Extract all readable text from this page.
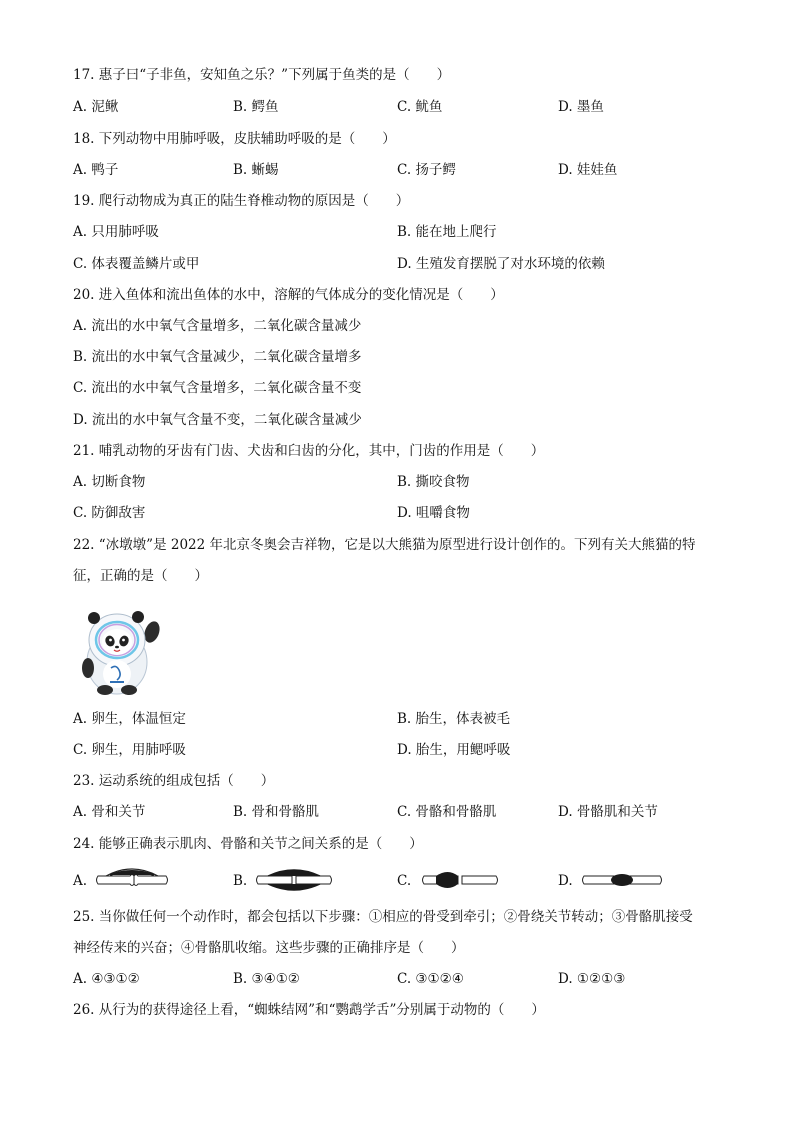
17. 惠子曰“子非鱼，安知鱼之乐？”下列属于鱼类的是（　　）
A. 泥鳅	B. 鳄鱼	C. 鱿鱼	D. 墨鱼
18. 下列动物中用肺呼吸，皮肤辅助呼吸的是（　　）
A. 鸭子	B. 蜥蜴	C. 扬子鳄	D. 娃娃鱼
19. 爬行动物成为真正的陆生脊椎动物的原因是（　　）
A. 只用肺呼吸	B. 能在地上爬行
C. 体表覆盖鳞片或甲	D. 生殖发育摆脱了对水环境的依赖
20. 进入鱼体和流出鱼体的水中，溶解的气体成分的变化情况是（　　）
A. 流出的水中氧气含量增多，二氧化碳含量减少
B. 流出的水中氧气含量减少，二氧化碳含量增多
C. 流出的水中氧气含量增多，二氧化碳含量不变
D. 流出的水中氧气含量不变，二氧化碳含量减少
21. 哺乳动物的牙齿有门齿、犬齿和臼齿的分化，其中，门齿的作用是（　　）
A. 切断食物	B. 撕咬食物
C. 防御敌害	D. 咀嚼食物
22. “冰墩墩”是 2022 年北京冬奥会吉祥物，它是以大熊猫为原型进行设计创作的。下列有关大熊猫的特
征，正确的是（　　）
A. 卵生，体温恒定	B. 胎生，体表被毛
C. 卵生，用肺呼吸	D. 胎生，用鳃呼吸
23. 运动系统的组成包括（　　）
A. 骨和关节	B. 骨和骨骼肌	C. 骨骼和骨骼肌	D. 骨骼肌和关节
24. 能够正确表示肌肉、骨骼和关节之间关系的是（　　）
A.	B.	C.	D.
25. 当你做任何一个动作时，都会包括以下步骤：①相应的骨受到牵引；②骨绕关节转动；③骨骼肌接受
神经传来的兴奋；④骨骼肌收缩。这些步骤的正确排序是（　　）
A. ④③①②	B. ③④①②	C. ③①②④	D. ①②①③
26. 从行为的获得途径上看，“蜘蛛结网”和“鹦鹉学舌”分别属于动物的（　　）
